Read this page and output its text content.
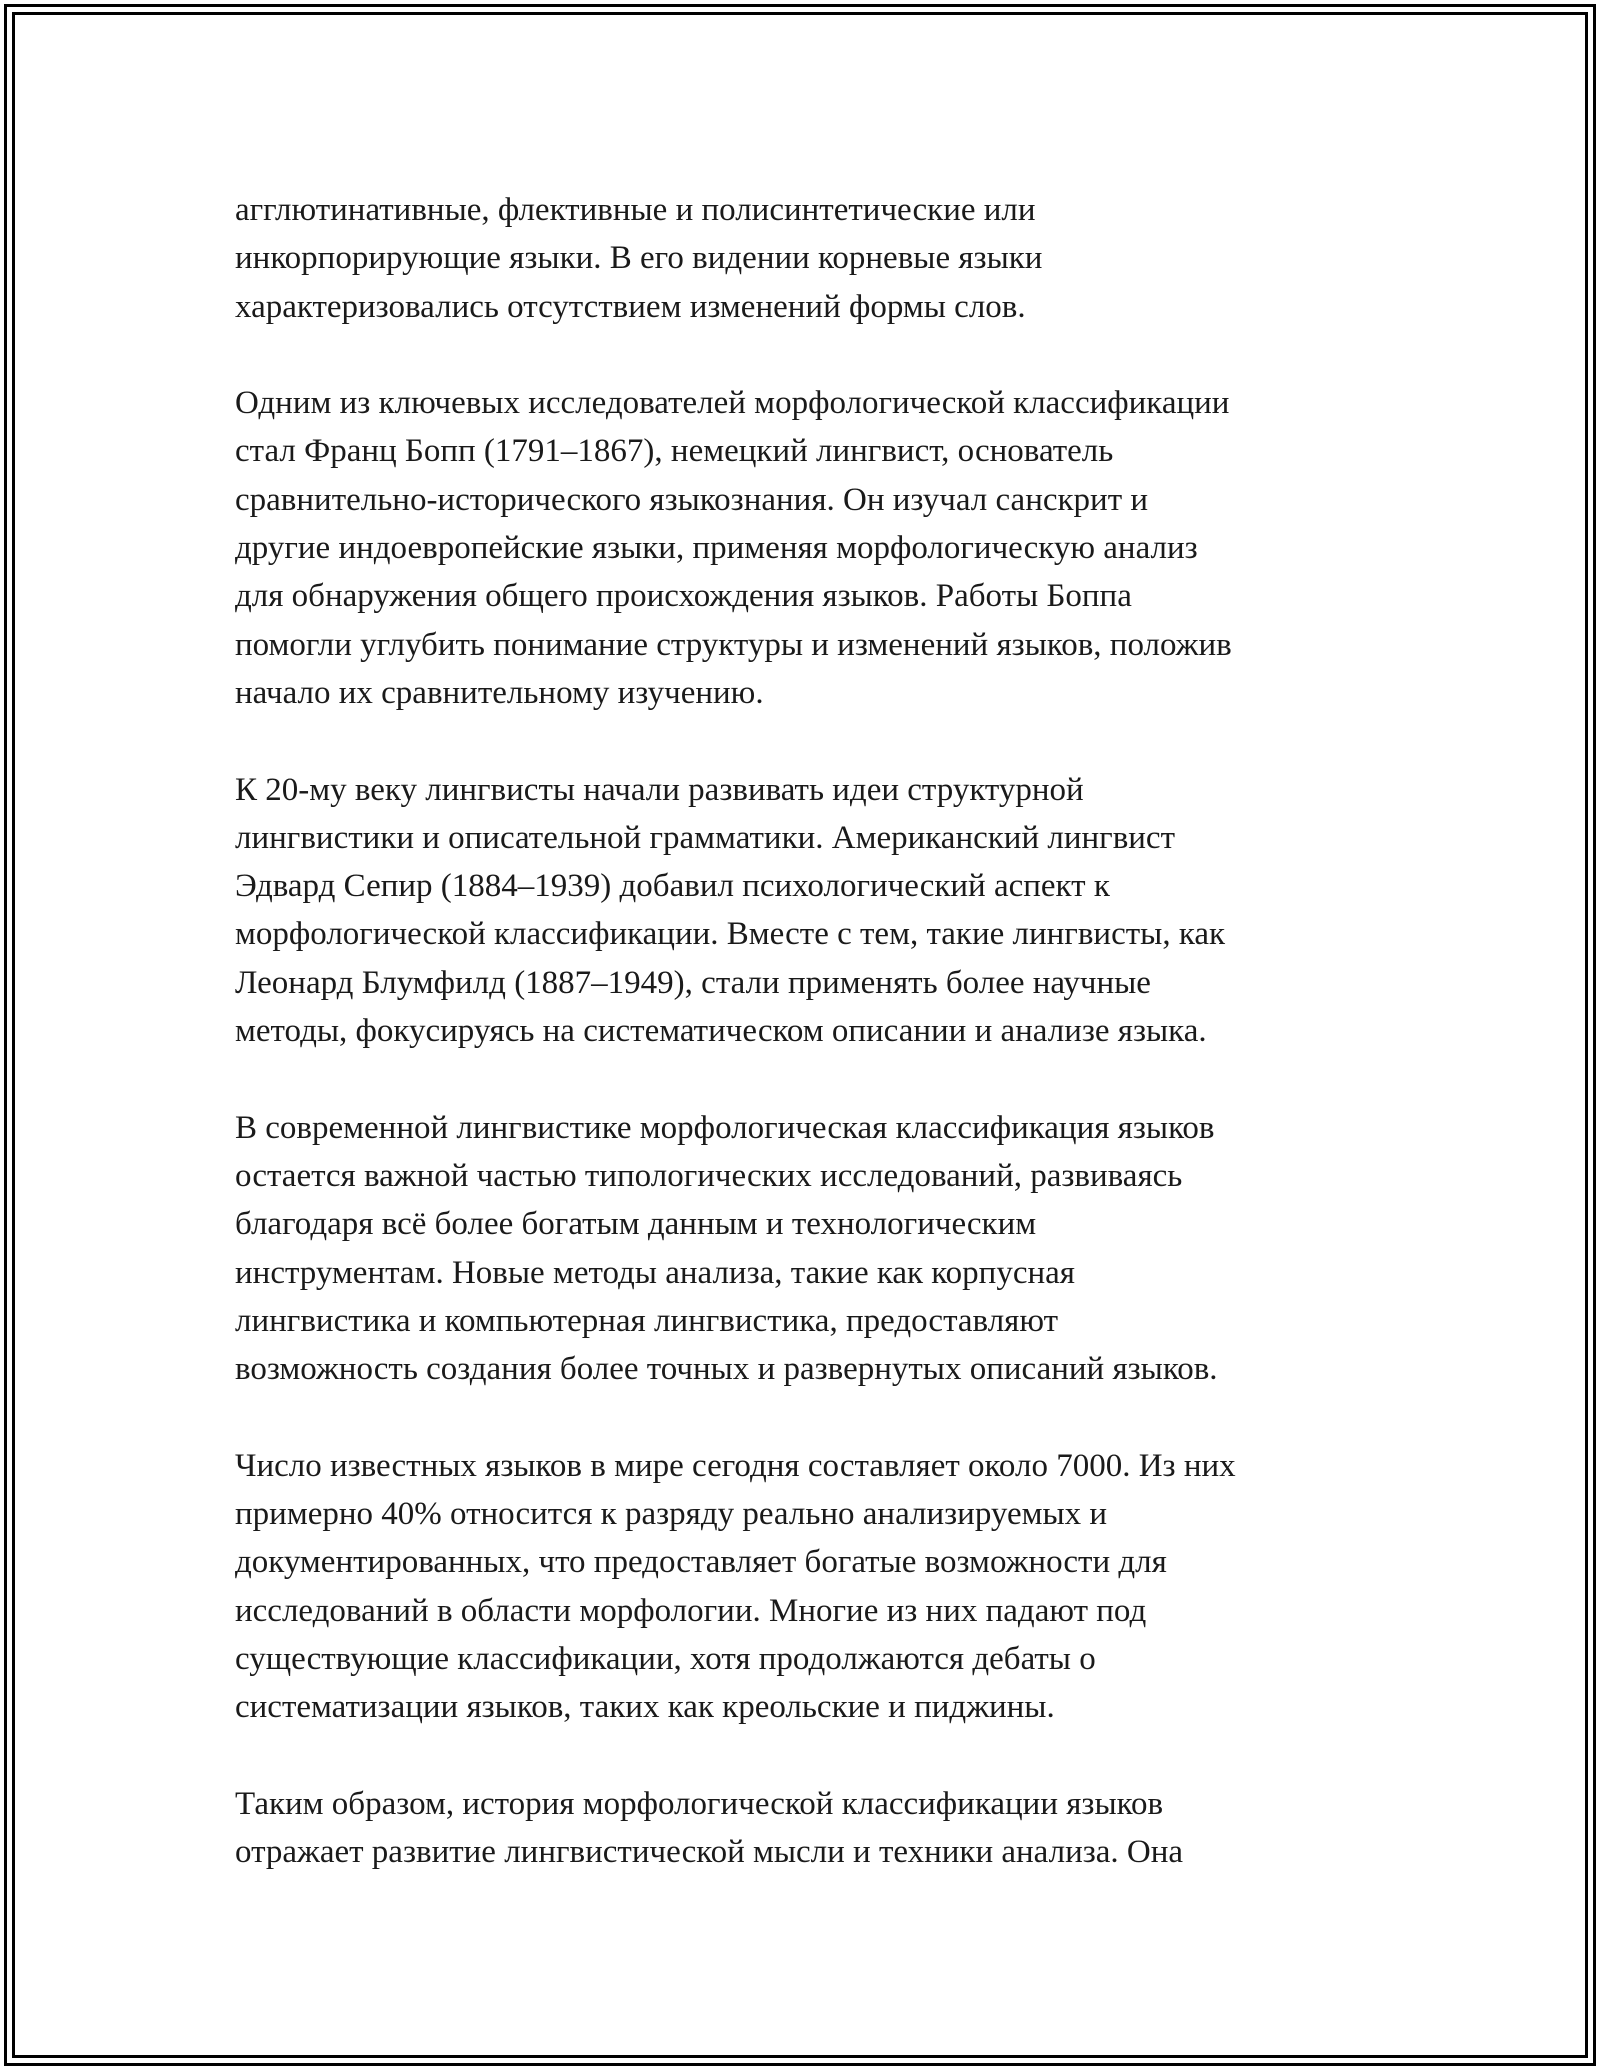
агглютинативные, флективные и полисинтетические или
инкорпорирующие языки. В его видении корневые языки
характеризовались отсутствием изменений формы слов.

Одним из ключевых исследователей морфологической классификации
стал Франц Бопп (1791–1867), немецкий лингвист, основатель
сравнительно-исторического языкознания. Он изучал санскрит и
другие индоевропейские языки, применяя морфологическую анализ
для обнаружения общего происхождения языков. Работы Боппа
помогли углубить понимание структуры и изменений языков, положив
начало их сравнительному изучению.

К 20-му веку лингвисты начали развивать идеи структурной
лингвистики и описательной грамматики. Американский лингвист
Эдвард Сепир (1884–1939) добавил психологический аспект к
морфологической классификации. Вместе с тем, такие лингвисты, как
Леонард Блумфилд (1887–1949), стали применять более научные
методы, фокусируясь на систематическом описании и анализе языка.

В современной лингвистике морфологическая классификация языков
остается важной частью типологических исследований, развиваясь
благодаря всё более богатым данным и технологическим
инструментам. Новые методы анализа, такие как корпусная
лингвистика и компьютерная лингвистика, предоставляют
возможность создания более точных и развернутых описаний языков.

Число известных языков в мире сегодня составляет около 7000. Из них
примерно 40% относится к разряду реально анализируемых и
документированных, что предоставляет богатые возможности для
исследований в области морфологии. Многие из них падают под
существующие классификации, хотя продолжаются дебаты о
систематизации языков, таких как креольские и пиджины.

Таким образом, история морфологической классификации языков
отражает развитие лингвистической мысли и техники анализа. Она
